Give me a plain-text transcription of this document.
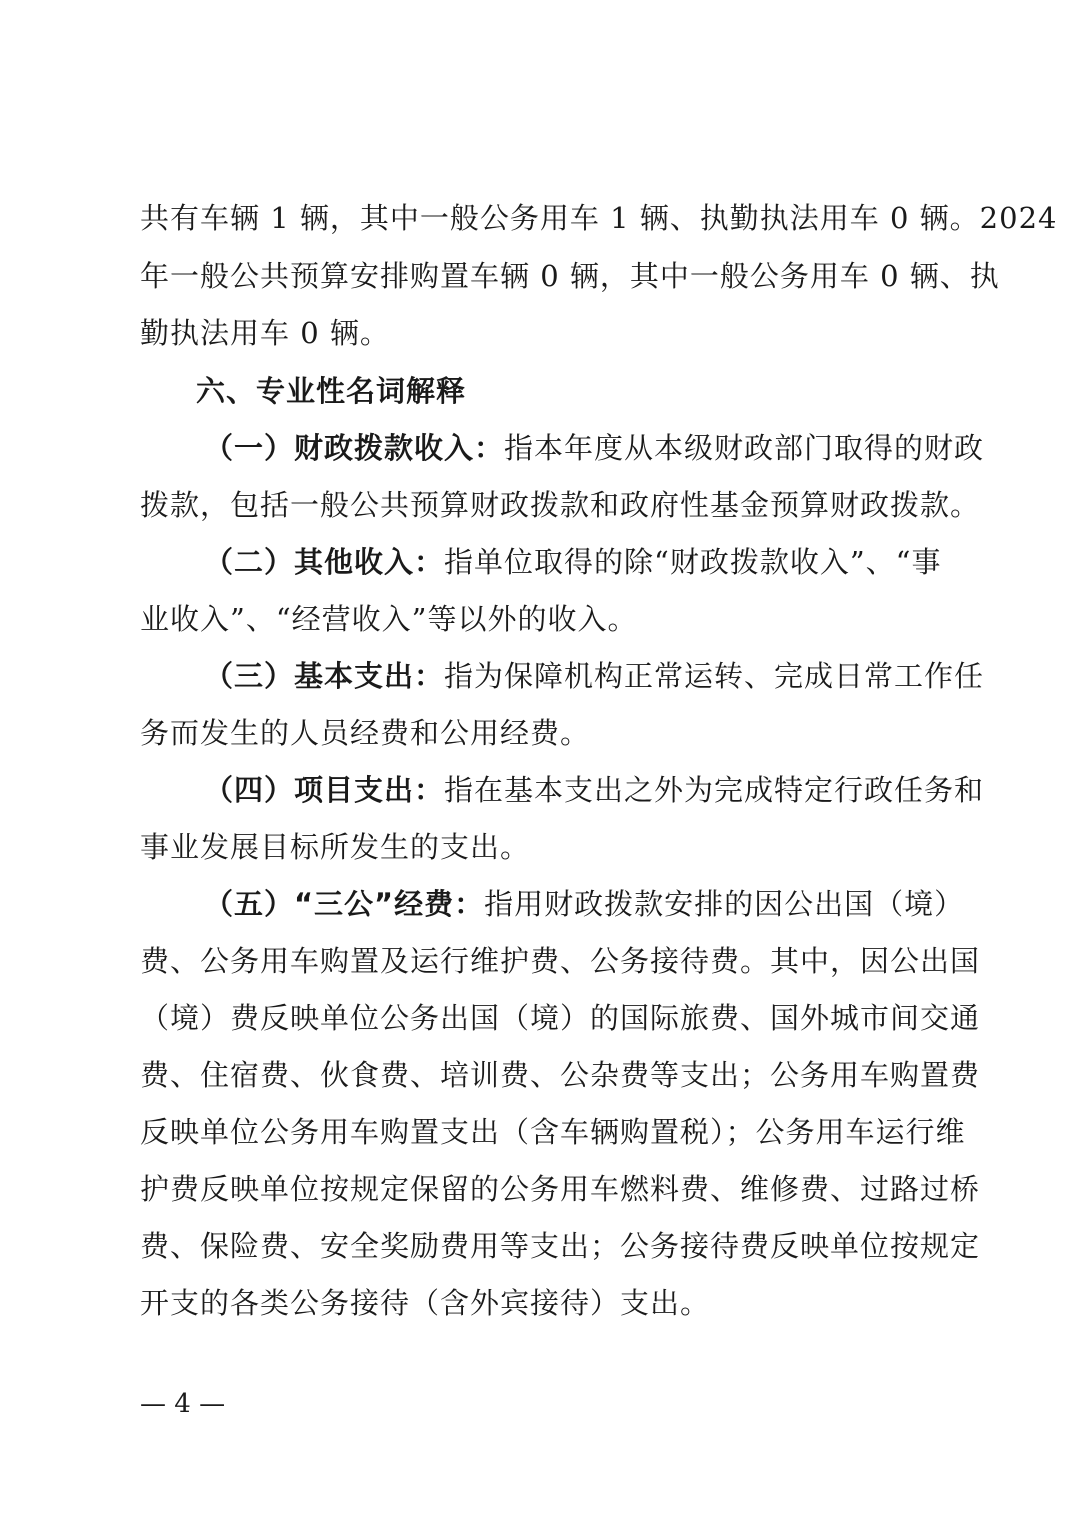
共有车辆 1 辆，其中一般公务用车 1 辆、执勤执法用车 0 辆。2024
年一般公共预算安排购置车辆 0 辆，其中一般公务用车 0 辆、执
勤执法用车 0 辆。
六、专业性名词解释
（一）财政拨款收入：指本年度从本级财政部门取得的财政
拨款，包括一般公共预算财政拨款和政府性基金预算财政拨款。
（二）其他收入：指单位取得的除“财政拨款收入”、“事
业收入”、“经营收入”等以外的收入。
（三）基本支出：指为保障机构正常运转、完成日常工作任
务而发生的人员经费和公用经费。
（四）项目支出：指在基本支出之外为完成特定行政任务和
事业发展目标所发生的支出。
（五）“三公”经费：指用财政拨款安排的因公出国（境）
费、公务用车购置及运行维护费、公务接待费。其中，因公出国
（境）费反映单位公务出国（境）的国际旅费、国外城市间交通
费、住宿费、伙食费、培训费、公杂费等支出；公务用车购置费
反映单位公务用车购置支出（含车辆购置税）；公务用车运行维
护费反映单位按规定保留的公务用车燃料费、维修费、过路过桥
费、保险费、安全奖励费用等支出；公务接待费反映单位按规定
开支的各类公务接待（含外宾接待）支出。
— 4 —
